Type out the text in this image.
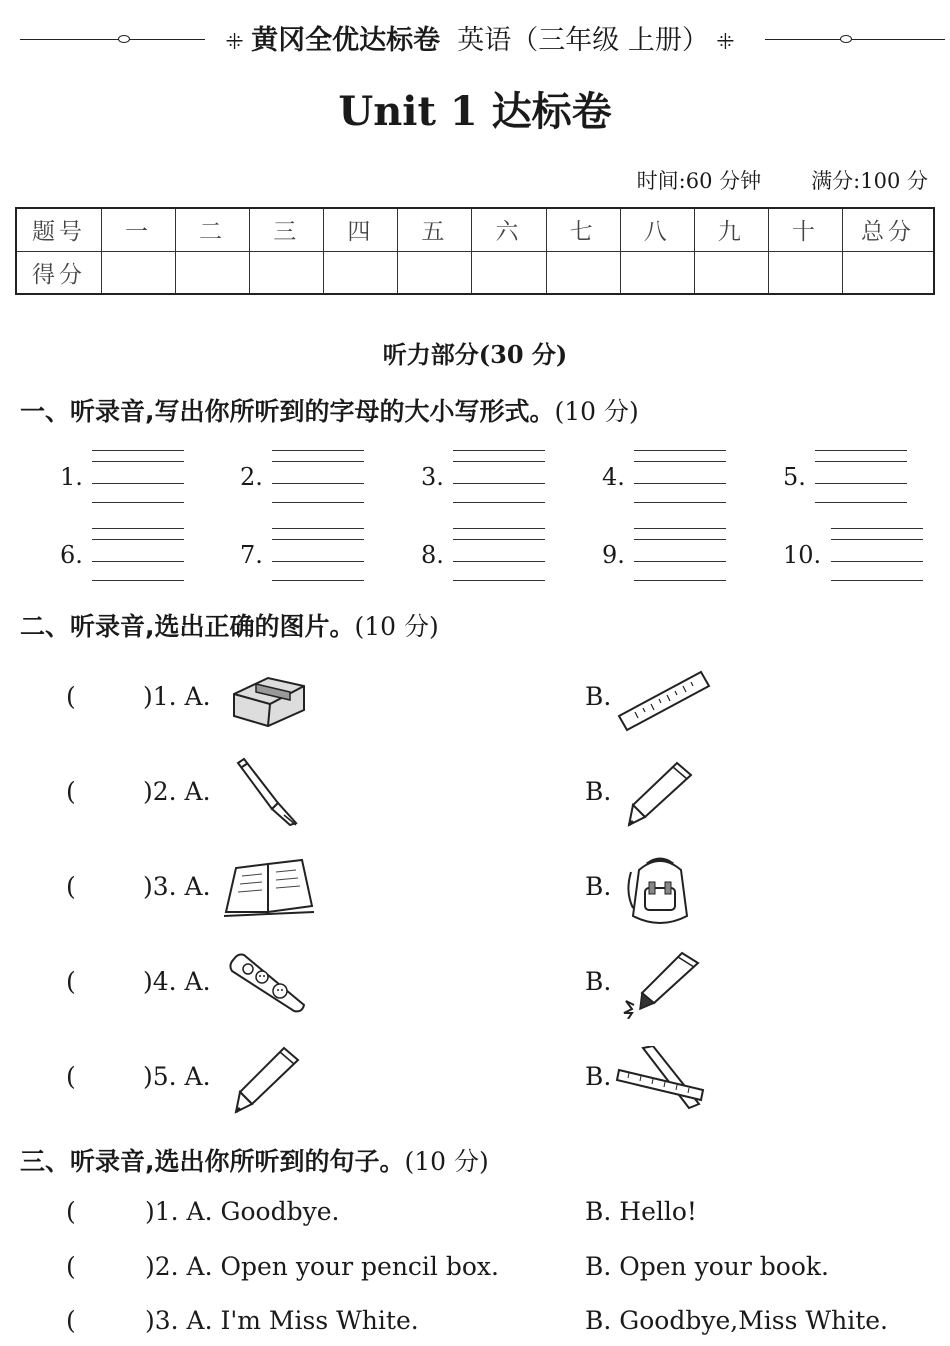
ꔰ 黄冈全优达标卷 英语（三年级 上册） ꔰ
Unit 1 达标卷
时间:60 分钟 满分:100 分
题号	一	二	三	四	五	六	七	八	九	十	总分
得分											
听力部分(30 分)
一、听录音,写出你所听到的字母的大小写形式。(10 分)
1.	2.	3.	4.	5.
6.	7.	8.	9.	10.
二、听录音,选出正确的图片。(10 分)
(	)1. A.	B.
(	)2. A.	B.
(	)3. A.	B.
(	)4. A.	B.
(	)5. A.	B.
三、听录音,选出你所听到的句子。(10 分)
(	)1. A. Goodbye.	B. Hello!
(	)2. A. Open your pencil box.	B. Open your book.
(	)3. A. I'm Miss White.	B. Goodbye,Miss White.
